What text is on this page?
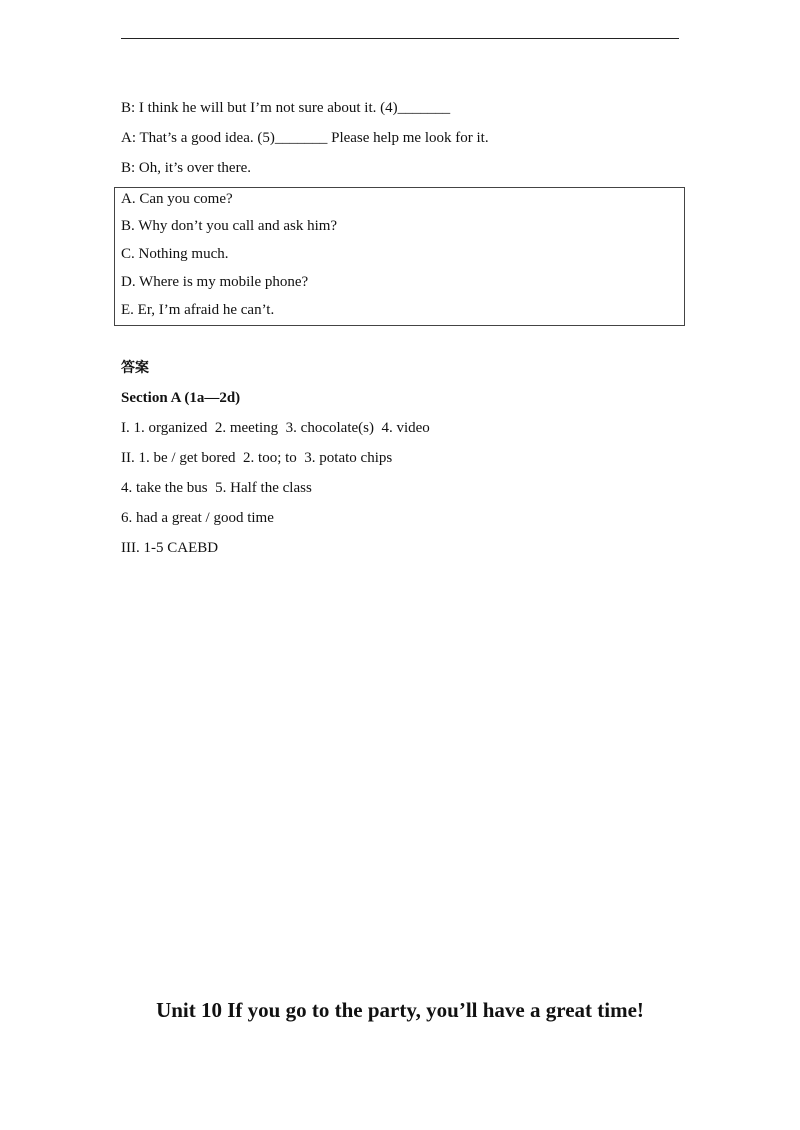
B: I think he will but I’m not sure about it. (4)_______
A: That’s a good idea. (5)_______ Please help me look for it.
B: Oh, it’s over there.
A. Can you come?
B. Why don’t you call and ask him?
C. Nothing much.
D. Where is my mobile phone?
E. Er, I’m afraid he can’t.
答案
Section A (1a—2d)
I. 1. organized  2. meeting  3. chocolate(s)  4. video
II. 1. be / get bored  2. too; to  3. potato chips
4. take the bus  5. Half the class
6. had a great / good time
III. 1-5 CAEBD
Unit 10 If you go to the party, you’ll have a great time!
